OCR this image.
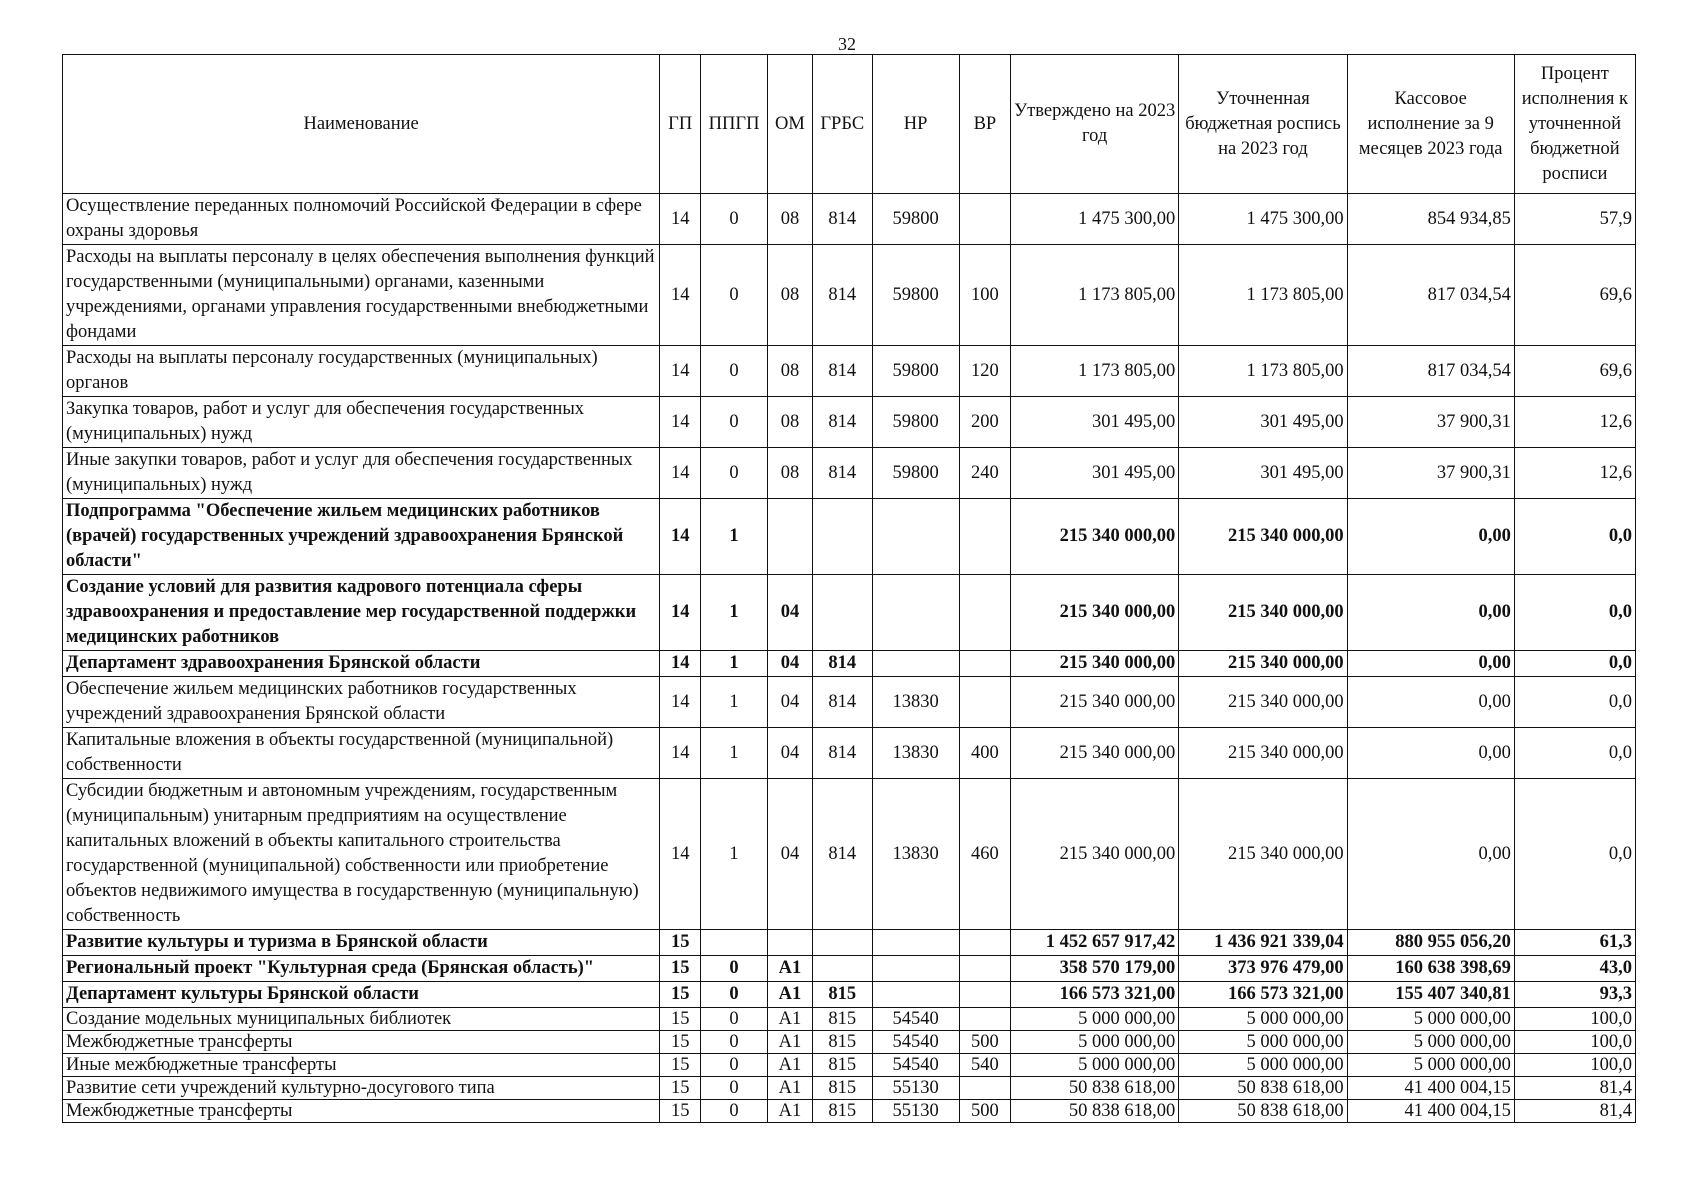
32
Наименование	ГП	ППГП	ОМ	ГРБС	НР	ВР	Утверждено на 2023 год	Уточненная бюджетная роспись на 2023 год	Кассовое исполнение за 9 месяцев 2023 года	Процент исполнения к уточненной бюджетной росписи
Осуществление переданных полномочий Российской Федерации в сфере охраны здоровья	14	0	08	814	59800		1 475 300,00	1 475 300,00	854 934,85	57,9
Расходы на выплаты персоналу в целях обеспечения выполнения функций государственными (муниципальными) органами, казенными учреждениями, органами управления государственными внебюджетными фондами	14	0	08	814	59800	100	1 173 805,00	1 173 805,00	817 034,54	69,6
Расходы на выплаты персоналу государственных (муниципальных) органов	14	0	08	814	59800	120	1 173 805,00	1 173 805,00	817 034,54	69,6
Закупка товаров, работ и услуг для обеспечения государственных (муниципальных) нужд	14	0	08	814	59800	200	301 495,00	301 495,00	37 900,31	12,6
Иные закупки товаров, работ и услуг для обеспечения государственных (муниципальных) нужд	14	0	08	814	59800	240	301 495,00	301 495,00	37 900,31	12,6
Подпрограмма "Обеспечение жильем медицинских работников (врачей) государственных учреждений здравоохранения Брянской области"	14	1					215 340 000,00	215 340 000,00	0,00	0,0
Создание условий для развития кадрового потенциала сферы здравоохранения и предоставление мер государственной поддержки медицинских работников	14	1	04				215 340 000,00	215 340 000,00	0,00	0,0
Департамент здравоохранения Брянской области	14	1	04	814			215 340 000,00	215 340 000,00	0,00	0,0
Обеспечение жильем медицинских работников государственных учреждений здравоохранения Брянской области	14	1	04	814	13830		215 340 000,00	215 340 000,00	0,00	0,0
Капитальные вложения в объекты государственной (муниципальной) собственности	14	1	04	814	13830	400	215 340 000,00	215 340 000,00	0,00	0,0
Субсидии бюджетным и автономным учреждениям, государственным (муниципальным) унитарным предприятиям на осуществление капитальных вложений в объекты капитального строительства государственной (муниципальной) собственности или приобретение объектов недвижимого имущества в государственную (муниципальную) собственность	14	1	04	814	13830	460	215 340 000,00	215 340 000,00	0,00	0,0
Развитие культуры и туризма в Брянской области	15						1 452 657 917,42	1 436 921 339,04	880 955 056,20	61,3
Региональный проект "Культурная среда (Брянская область)"	15	0	А1				358 570 179,00	373 976 479,00	160 638 398,69	43,0
Департамент культуры Брянской области	15	0	А1	815			166 573 321,00	166 573 321,00	155 407 340,81	93,3
Создание модельных муниципальных библиотек	15	0	А1	815	54540		5 000 000,00	5 000 000,00	5 000 000,00	100,0
Межбюджетные трансферты	15	0	А1	815	54540	500	5 000 000,00	5 000 000,00	5 000 000,00	100,0
Иные межбюджетные трансферты	15	0	А1	815	54540	540	5 000 000,00	5 000 000,00	5 000 000,00	100,0
Развитие сети учреждений культурно-досугового типа	15	0	А1	815	55130		50 838 618,00	50 838 618,00	41 400 004,15	81,4
Межбюджетные трансферты	15	0	А1	815	55130	500	50 838 618,00	50 838 618,00	41 400 004,15	81,4
